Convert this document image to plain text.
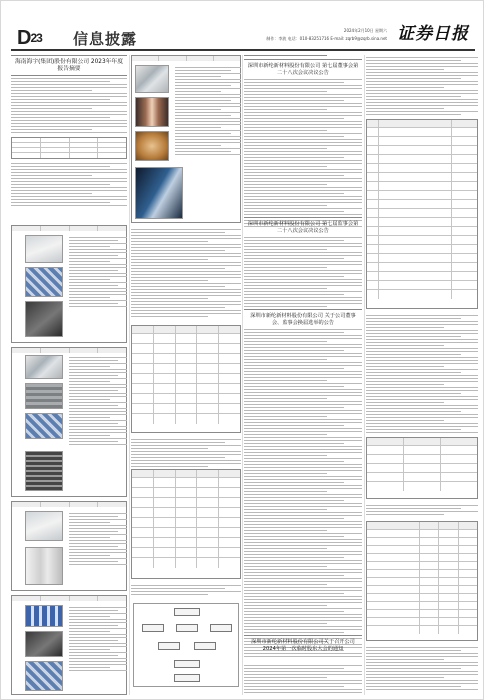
D23 信息披露	2024年2月10日 星期六
制作：李波 电话：010-83251716 E-mail: zqrb9@zqrb.sina.net 证券日报
海南海宇(集团)股份有限公司 2023年年度报告摘要	深圳市新纶新材料股份有限公司 第七届董事会第二十八次会议决议公告
深圳市新纶新材料股份有限公司 第七届监事会第二十八次会议决议公告
深圳市新纶新材料股份有限公司 关于公司董事会、监事会换届选举的公告
深圳市新纶新材料股份有限公司关于召开公司2024年第一次临时股东大会的通知
